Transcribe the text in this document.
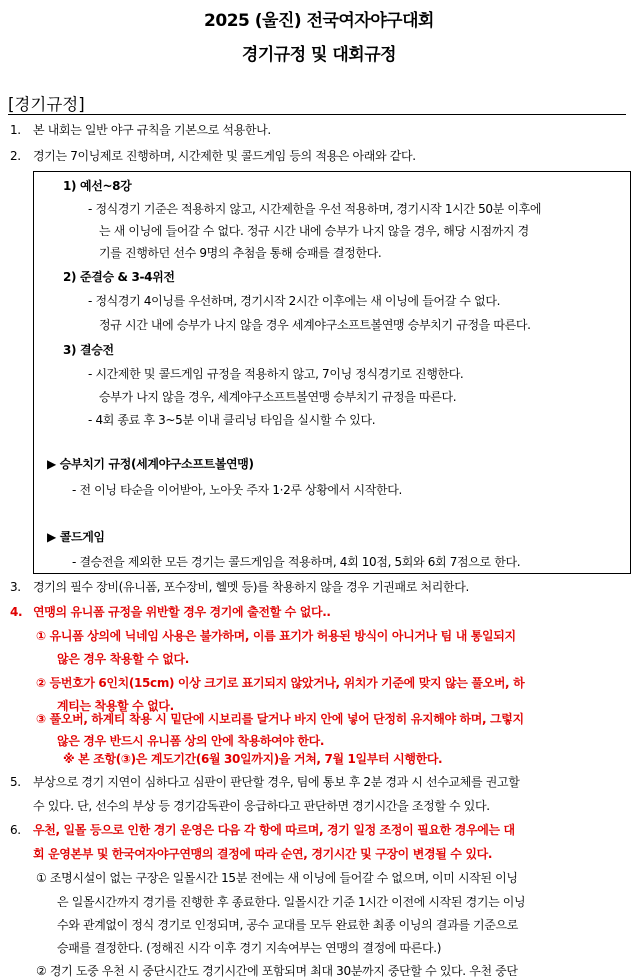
2025 (울진) 전국여자야구대회
경기규정 및 대회규정
[경기규정]
1. 본 내회는 일반 야구 규칙을 기본으로 석용한나.
2. 경기는 7이닝제로 진행하며, 시간제한 및 콜드게임 등의 적용은 아래와 같다.
1) 예선~8강
- 정식경기 기준은 적용하지 않고, 시간제한을 우선 적용하며, 경기시작 1시간 50분 이후에
는 새 이닝에 들어갈 수 없다. 정규 시간 내에 승부가 나지 않을 경우, 해당 시점까지 경
기를 진행하던 선수 9명의 추첨을 통해 승패를 결정한다.
2) 준결승 & 3-4위전
- 정식경기 4이닝를 우선하며, 경기시작 2시간 이후에는 새 이닝에 들어갈 수 없다.
정규 시간 내에 승부가 나지 않을 경우 세계야구소프트볼연맹 승부치기 규정을 따른다.
3) 결승전
- 시간제한 및 콜드게임 규정을 적용하지 않고, 7이닝 정식경기로 진행한다.
승부가 나지 않을 경우, 세계야구소프트볼연맹 승부치기 규정을 따른다.
- 4회 종료 후 3~5분 이내 클리닝 타임을 실시할 수 있다.
▶ 승부치기 규정(세계야구소프트볼연맹)
- 전 이닝 타순을 이어받아, 노아웃 주자 1·2루 상황에서 시작한다.
▶ 콜드게임
- 결승전을 제외한 모든 경기는 콜드게임을 적용하며, 4회 10점, 5회와 6회 7점으로 한다.
3. 경기의 필수 장비(유니폼, 포수장비, 헬멧 등)를 착용하지 않을 경우 기권패로 처리한다.
4. 연맹의 유니폼 규정을 위반할 경우 경기에 출전할 수 없다..
① 유니폼 상의에 닉네임 사용은 불가하며, 이름 표기가 허용된 방식이 아니거나 팀 내 통일되지
않은 경우 착용할 수 없다.
② 등번호가 6인치(15cm) 이상 크기로 표기되지 않았거나, 위치가 기준에 맞지 않는 풀오버, 하
계티는 착용할 수 없다.
③ 풀오버, 하계티 착용 시 밑단에 시보리를 달거나 바지 안에 넣어 단정히 유지해야 하며, 그렇지
않은 경우 반드시 유니폼 상의 안에 착용하여야 한다.
※ 본 조항(③)은 계도기간(6월 30일까지)을 거쳐, 7월 1일부터 시행한다.
5. 부상으로 경기 지연이 심하다고 심판이 판단할 경우, 팀에 통보 후 2분 경과 시 선수교체를 권고할
수 있다. 단, 선수의 부상 등 경기감독관이 응급하다고 판단하면 경기시간을 조정할 수 있다.
6. 우천, 일몰 등으로 인한 경기 운영은 다음 각 항에 따르며, 경기 일정 조정이 필요한 경우에는 대
회 운영본부 및 한국여자야구연맹의 결정에 따라 순연, 경기시간 및 구장이 변경될 수 있다.
① 조명시설이 없는 구장은 일몰시간 15분 전에는 새 이닝에 들어갈 수 없으며, 이미 시작된 이닝
은 일몰시간까지 경기를 진행한 후 종료한다. 일몰시간 기준 1시간 이전에 시작된 경기는 이닝
수와 관계없이 정식 경기로 인정되며, 공수 교대를 모두 완료한 최종 이닝의 결과를 기준으로
승패를 결정한다. (정해진 시각 이후 경기 지속여부는 연맹의 결정에 따른다.)
② 경기 도중 우천 시 중단시간도 경기시간에 포함되며 최대 30분까지 중단할 수 있다. 우천 중단
